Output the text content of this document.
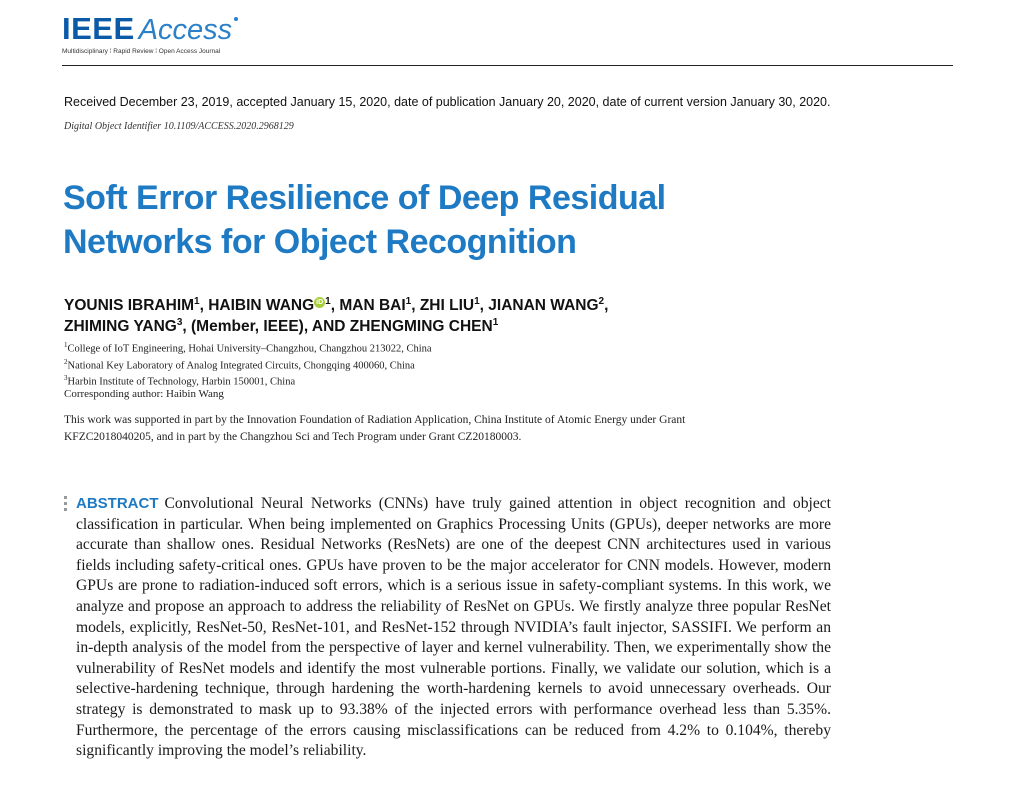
IEEE Access
Multidisciplinary ⁞ Rapid Review ⁞ Open Access Journal
Received December 23, 2019, accepted January 15, 2020, date of publication January 20, 2020, date of current version January 30, 2020.
Digital Object Identifier 10.1109/ACCESS.2020.2968129
Soft Error Resilience of Deep Residual
Networks for Object Recognition
YOUNIS IBRAHIM$^1$, HAIBIN WANG iD $^1$, MAN BAI$^1$, ZHI LIU$^1$, JIANAN WANG$^2$,
ZHIMING YANG$^3$, (Member, IEEE), AND ZHENGMING CHEN$^1$
$^1$College of IoT Engineering, Hohai University–Changzhou, Changzhou 213022, China
$^2$National Key Laboratory of Analog Integrated Circuits, Chongqing 400060, China
$^3$Harbin Institute of Technology, Harbin 150001, China
Corresponding author: Haibin Wang
This work was supported in part by the Innovation Foundation of Radiation Application, China Institute of Atomic Energy under Grant
KFZC2018040205, and in part by the Changzhou Sci and Tech Program under Grant CZ20180003.
ABSTRACT Convolutional Neural Networks (CNNs) have truly gained attention in object recognition and object classification in particular. When being implemented on Graphics Processing Units (GPUs), deeper networks are more accurate than shallow ones. Residual Networks (ResNets) are one of the deepest CNN architectures used in various fields including safety-critical ones. GPUs have proven to be the major accelerator for CNN models. However, modern GPUs are prone to radiation-induced soft errors, which is a serious issue in safety-compliant systems. In this work, we analyze and propose an approach to address the reliability of ResNet on GPUs. We firstly analyze three popular ResNet models, explicitly, ResNet-50, ResNet-101, and ResNet-152 through NVIDIA’s fault injector, SASSIFI. We perform an in-depth analysis of the model from the perspective of layer and kernel vulnerability. Then, we experimentally show the vulnerability of ResNet models and identify the most vulnerable portions. Finally, we validate our solution, which is a selective-hardening technique, through hardening the worth-hardening kernels to avoid unnecessary overheads. Our strategy is demonstrated to mask up to 93.38% of the injected errors with performance overhead less than 5.35%. Furthermore, the percentage of the errors causing misclassifications can be reduced from 4.2% to 0.104%, thereby significantly improving the model’s reliability.
